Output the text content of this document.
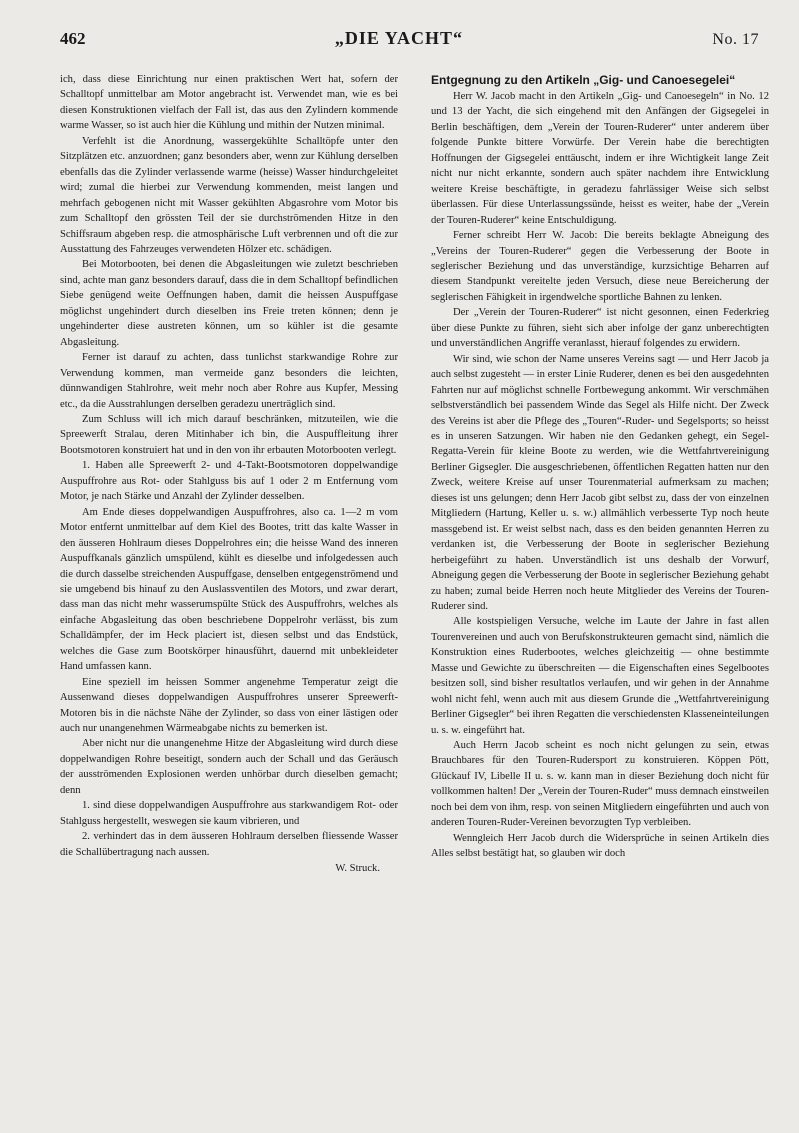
462	„DIE YACHT“	No. 17

ich, dass diese Einrichtung nur einen praktischen Wert hat, sofern der Schalltopf unmittelbar am Motor angebracht ist. Verwendet man, wie es bei diesen Konstruktionen vielfach der Fall ist, das aus den Zylindern kommende warme Wasser, so ist auch hier die Kühlung und mithin der Nutzen minimal.

Verfehlt ist die Anordnung, wassergekühlte Schalltöpfe unter den Sitzplätzen etc. anzuordnen; ganz besonders aber, wenn zur Kühlung derselben ebenfalls das die Zylinder verlassende warme (heisse) Wasser hindurchgeleitet wird; zumal die hierbei zur Verwendung kommenden, meist langen und mehrfach gebogenen nicht mit Wasser gekühlten Abgasrohre vom Motor bis zum Schalltopf den grössten Teil der sie durchströmenden Hitze in den Schiffsraum abgeben resp. die atmosphärische Luft verbrennen und oft die zur Ausstattung des Fahrzeuges verwendeten Hölzer etc. schädigen.

Bei Motorbooten, bei denen die Abgasleitungen wie zuletzt beschrieben sind, achte man ganz besonders darauf, dass die in dem Schalltopf befindlichen Siebe genügend weite Oeffnungen haben, damit die heissen Auspuffgase möglichst ungehindert durch dieselben ins Freie treten können; denn je ungehinderter diese austreten können, um so kühler ist die gesamte Abgasleitung.

Ferner ist darauf zu achten, dass tunlichst starkwandige Rohre zur Verwendung kommen, man vermeide ganz besonders die leichten, dünnwandigen Stahlrohre, weit mehr noch aber Rohre aus Kupfer, Messing etc., da die Ausstrahlungen derselben geradezu unerträglich sind.

Zum Schluss will ich mich darauf beschränken, mitzuteilen, wie die Spreewerft Stralau, deren Mitinhaber ich bin, die Auspuffleitung ihrer Bootsmotoren konstruiert hat und in den von ihr erbauten Motorbooten verlegt.

1. Haben alle Spreewerft 2- und 4-Takt-Bootsmotoren doppelwandige Auspuffrohre aus Rot- oder Stahlguss bis auf 1 oder 2 m Entfernung vom Motor, je nach Stärke und Anzahl der Zylinder desselben.

Am Ende dieses doppelwandigen Auspuffrohres, also ca. 1—2 m vom Motor entfernt unmittelbar auf dem Kiel des Bootes, tritt das kalte Wasser in den äusseren Hohlraum dieses Doppelrohres ein; die heisse Wand des inneren Auspuffkanals gänzlich umspülend, kühlt es dieselbe und infolgedessen auch die durch dasselbe streichenden Auspuffgase, denselben entgegenströmend und sie umgebend bis hinauf zu den Auslassventilen des Motors, und zwar derart, dass man das nicht mehr wasserumspülte Stück des Auspuffrohrs, welches als einfache Abgasleitung das oben beschriebene Doppelrohr verlässt, bis zum Schalldämpfer, der im Heck placiert ist, diesen selbst und das Endstück, welches die Gase zum Bootskörper hinausführt, dauernd mit unbekleideter Hand umfassen kann.

Eine speziell im heissen Sommer angenehme Temperatur zeigt die Aussenwand dieses doppelwandigen Auspuffrohres unserer Spreewerft-Motoren bis in die nächste Nähe der Zylinder, so dass von einer lästigen oder auch nur unangenehmen Wärmeabgabe nichts zu bemerken ist.

Aber nicht nur die unangenehme Hitze der Abgasleitung wird durch diese doppelwandigen Rohre beseitigt, sondern auch der Schall und das Geräusch der ausströmenden Explosionen werden unhörbar durch dieselben gemacht; denn

1. sind diese doppelwandigen Auspuffrohre aus starkwandigem Rot- oder Stahlguss hergestellt, weswegen sie kaum vibrieren, und

2. verhindert das in dem äusseren Hohlraum derselben fliessende Wasser die Schallübertragung nach aussen.

W. Struck.

Entgegnung zu den Artikeln „Gig- und Canoesegelei“

Herr W. Jacob macht in den Artikeln „Gig- und Canoesegeln“ in No. 12 und 13 der Yacht, die sich eingehend mit den Anfängen der Gigsegelei in Berlin beschäftigen, dem „Verein der Touren-Ruderer“ unter anderem über folgende Punkte bittere Vorwürfe. Der Verein habe die berechtigten Hoffnungen der Gigsegelei enttäuscht, indem er ihre Wichtigkeit lange Zeit nicht nur nicht erkannte, sondern auch später nachdem ihre Entwicklung weitere Kreise beschäftigte, in geradezu fahrlässiger Weise sich selbst überlassen. Für diese Unterlassungssünde, heisst es weiter, habe der „Verein der Touren-Ruderer“ keine Entschuldigung.

Ferner schreibt Herr W. Jacob: Die bereits beklagte Abneigung des „Vereins der Touren-Ruderer“ gegen die Verbesserung der Boote in seglerischer Beziehung und das unverständige, kurzsichtige Beharren auf diesem Standpunkt vereitelte jeden Versuch, diese neue Bereicherung der seglerischen Fähigkeit in irgendwelche sportliche Bahnen zu lenken.

Der „Verein der Touren-Ruderer“ ist nicht gesonnen, einen Federkrieg über diese Punkte zu führen, sieht sich aber infolge der ganz unberechtigten und unverständlichen Angriffe veranlasst, hierauf folgendes zu erwidern.

Wir sind, wie schon der Name unseres Vereins sagt — und Herr Jacob ja auch selbst zugesteht — in erster Linie Ruderer, denen es bei den ausgedehnten Fahrten nur auf möglichst schnelle Fortbewegung ankommt. Wir verschmähen selbstverständlich bei passendem Winde das Segel als Hilfe nicht. Der Zweck des Vereins ist aber die Pflege des „Touren“-Ruder- und Segelsports; so heisst es in unseren Satzungen. Wir haben nie den Gedanken gehegt, ein Segel-Regatta-Verein für kleine Boote zu werden, wie die Wettfahrtvereinigung Berliner Gigsegler. Die ausgeschriebenen, öffentlichen Regatten hatten nur den Zweck, weitere Kreise auf unser Tourenmaterial aufmerksam zu machen; dieses ist uns gelungen; denn Herr Jacob gibt selbst zu, dass der von einzelnen Mitgliedern (Hartung, Keller u. s. w.) allmählich verbesserte Typ noch heute massgebend ist. Er weist selbst nach, dass es den beiden genannten Herren zu verdanken ist, die Verbesserung der Boote in seglerischer Beziehung herbeigeführt zu haben. Unverständlich ist uns deshalb der Vorwurf, Abneigung gegen die Verbesserung der Boote in seglerischer Beziehung gehabt zu haben; zumal beide Herren noch heute Mitglieder des Vereins der Touren-Ruderer sind.

Alle kostspieligen Versuche, welche im Laute der Jahre in fast allen Tourenvereinen und auch von Berufskonstrukteuren gemacht sind, nämlich die Konstruktion eines Ruderbootes, welches gleichzeitig — ohne bestimmte Masse und Gewichte zu überschreiten — die Eigenschaften eines Segelbootes besitzen soll, sind bisher resultatlos verlaufen, und wir gehen in der Annahme wohl nicht fehl, wenn auch mit aus diesem Grunde die „Wettfahrtvereinigung Berliner Gigsegler“ bei ihren Regatten die verschiedensten Klasseneinteilungen u. s. w. eingeführt hat.

Auch Herrn Jacob scheint es noch nicht gelungen zu sein, etwas Brauchbares für den Touren-Rudersport zu konstruieren. Köppen Pött, Glückauf IV, Libelle II u. s. w. kann man in dieser Beziehung doch nicht für vollkommen halten! Der „Verein der Touren-Ruder“ muss demnach einstweilen noch bei dem von ihm, resp. von seinen Mitgliedern eingeführten und auch von anderen Touren-Ruder-Vereinen bevorzugten Typ verbleiben.

Wennglеich Herr Jacob durch die Widersprüche in seinen Artikeln dies Alles selbst bestätigt hat, so glauben wir doch
